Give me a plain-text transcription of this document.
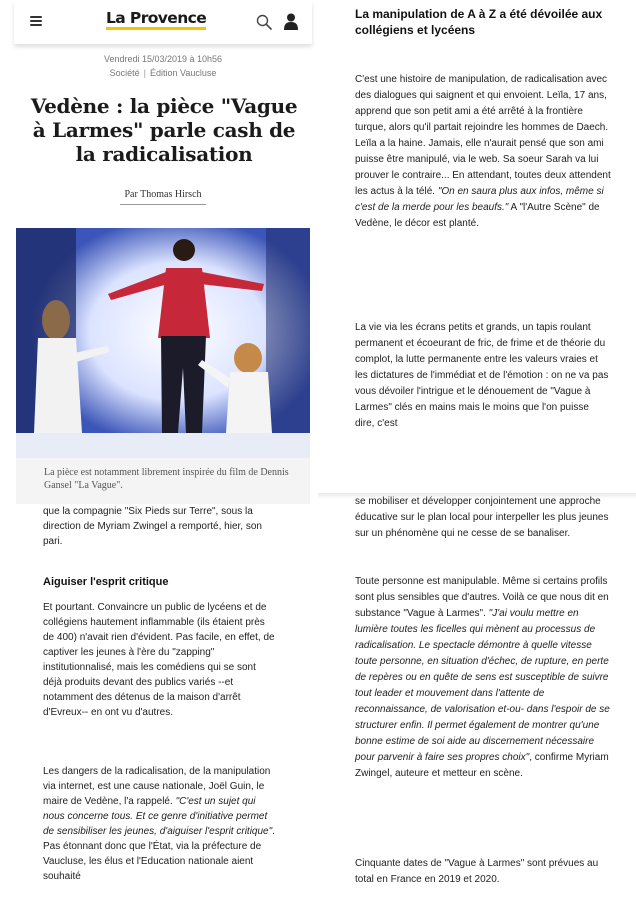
La Provence
Vendredi 15/03/2019 à 10h56
Société | Édition Vaucluse
Vedène : la pièce "Vague à Larmes" parle cash de la radicalisation
Par Thomas Hirsch
La pièce est notamment librement inspirée du film de Dennis Gansel "La Vague".

que la compagnie "Six Pieds sur Terre", sous la direction de Myriam Zwingel a remporté, hier, son pari.

Aiguiser l'esprit critique

Et pourtant. Convaincre un public de lycéens et de collégiens hautement inflammable (ils étaient près de 400) n'avait rien d'évident. Pas facile, en effet, de captiver les jeunes à l'ère du "zapping" institutionnalisé, mais les comédiens qui se sont déjà produits devant des publics variés --et notamment des détenus de la maison d'arrêt d'Evreux-- en ont vu d'autres.

Les dangers de la radicalisation, de la manipulation via internet, est une cause nationale, Joël Guin, le maire de Vedène, l'a rappelé. "C'est un sujet qui nous concerne tous. Et ce genre d'initiative permet de sensibiliser les jeunes, d'aiguiser l'esprit critique". Pas étonnant donc que l'État, via la préfecture de Vaucluse, les élus et l'Education nationale aient souhaité

La manipulation de A à Z a été dévoilée aux collégiens et lycéens

C'est une histoire de manipulation, de radicalisation avec des dialogues qui saignent et qui envoient. Leïla, 17 ans, apprend que son petit ami a été arrêté à la frontière turque, alors qu'il partait rejoindre les hommes de Daech. Leïla a la haine. Jamais, elle n'aurait pensé que son ami puisse être manipulé, via le web. Sa soeur Sarah va lui prouver le contraire... En attendant, toutes deux attendent les actus à la télé. "On en saura plus aux infos, même si c'est de la merde pour les beaufs." A "l'Autre Scène" de Vedène, le décor est planté.

La vie via les écrans petits et grands, un tapis roulant permanent et écoeurant de fric, de frime et de théorie du complot, la lutte permanente entre les valeurs vraies et les dictatures de l'immédiat et de l'émotion : on ne va pas vous dévoiler l'intrigue et le dénouement de "Vague à Larmes" clés en mains mais le moins que l'on puisse dire, c'est

se mobiliser et développer conjointement une approche éducative sur le plan local pour interpeller les plus jeunes sur un phénomène qui ne cesse de se banaliser.

Toute personne est manipulable. Même si certains profils sont plus sensibles que d'autres. Voilà ce que nous dit en substance "Vague à Larmes". "J'ai voulu mettre en lumière toutes les ficelles qui mènent au processus de radicalisation. Le spectacle démontre à quelle vitesse toute personne, en situation d'échec, de rupture, en perte de repères ou en quête de sens est susceptible de suivre tout leader et mouvement dans l'attente de reconnaissance, de valorisation et-ou- dans l'espoir de se structurer enfin. Il permet également de montrer qu'une bonne estime de soi aide au discernement nécessaire pour parvenir à faire ses propres choix", confirme Myriam Zwingel, auteure et metteur en scène.

Cinquante dates de "Vague à Larmes" sont prévues au total en France en 2019 et 2020.
